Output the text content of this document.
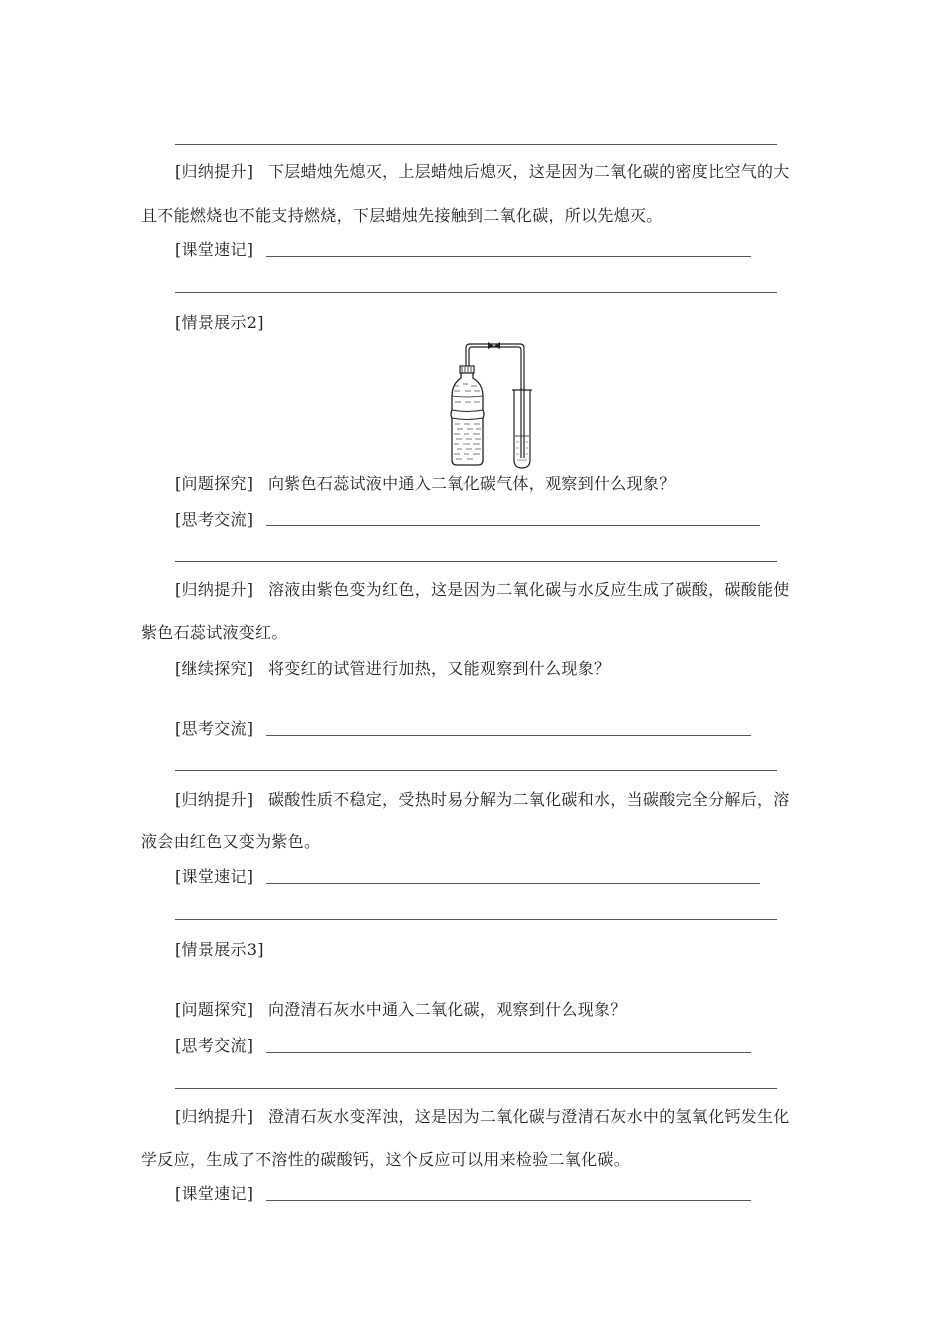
[归纳提升] 下层蜡烛先熄灭，上层蜡烛后熄灭，这是因为二氧化碳的密度比空气的大
且不能燃烧也不能支持燃烧，下层蜡烛先接触到二氧化碳，所以先熄灭。
[课堂速记]
[情景展示2]
[问题探究] 向紫色石蕊试液中通入二氧化碳气体，观察到什么现象？
[思考交流]
[归纳提升] 溶液由紫色变为红色，这是因为二氧化碳与水反应生成了碳酸，碳酸能使
紫色石蕊试液变红。
[继续探究] 将变红的试管进行加热，又能观察到什么现象？
[思考交流]
[归纳提升] 碳酸性质不稳定，受热时易分解为二氧化碳和水，当碳酸完全分解后，溶
液会由红色又变为紫色。
[课堂速记]
[情景展示3]
[问题探究] 向澄清石灰水中通入二氧化碳，观察到什么现象？
[思考交流]
[归纳提升] 澄清石灰水变浑浊，这是因为二氧化碳与澄清石灰水中的氢氧化钙发生化
学反应，生成了不溶性的碳酸钙，这个反应可以用来检验二氧化碳。
[课堂速记]
